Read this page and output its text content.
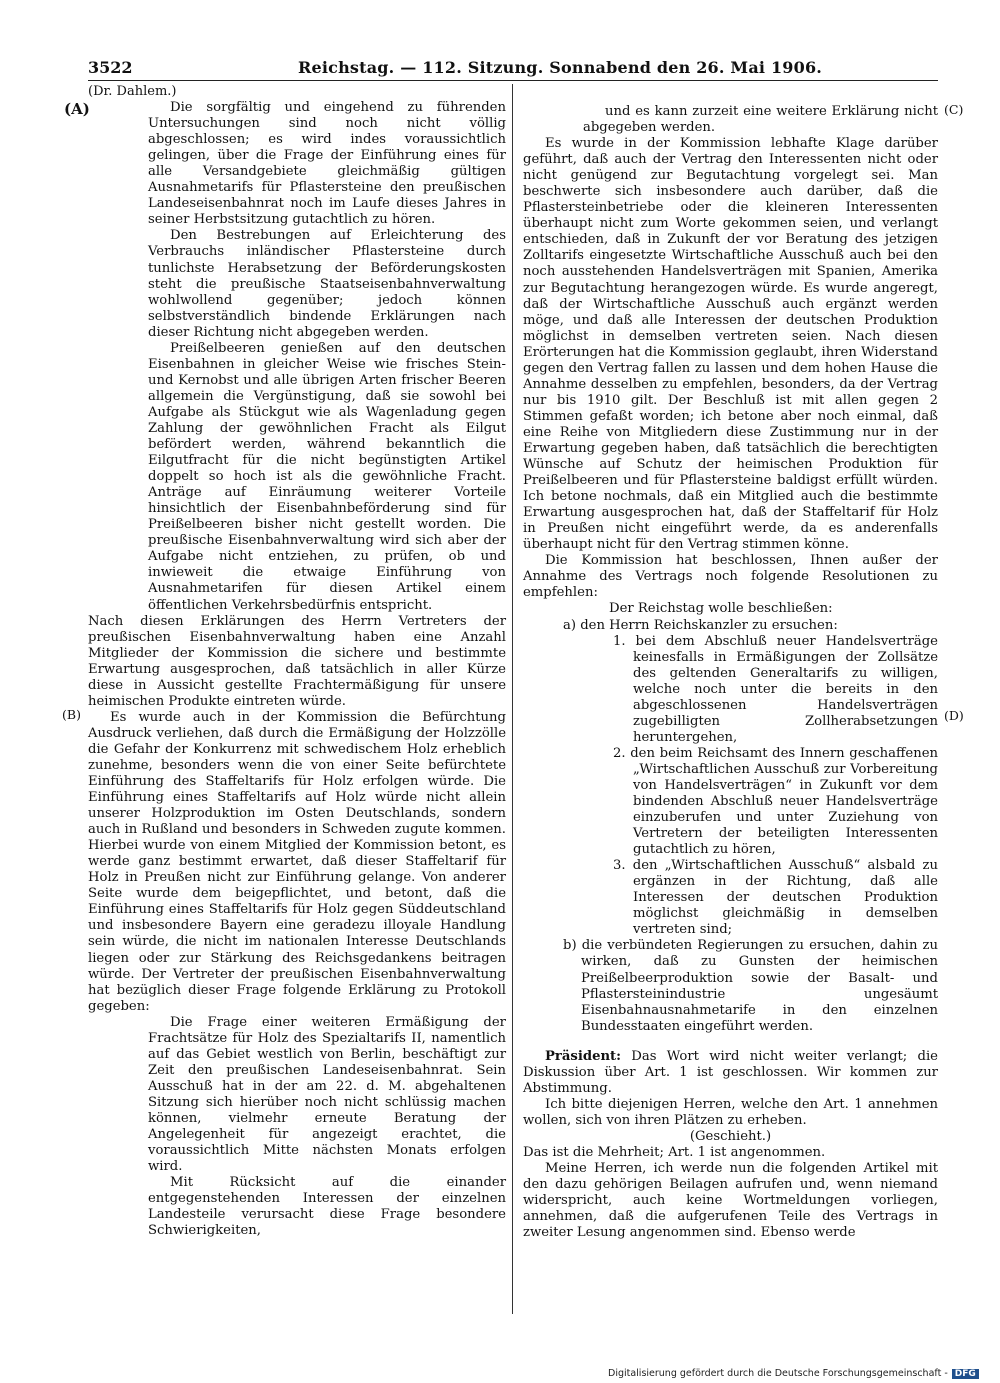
3522	Reichstag. — 112. Sitzung. Sonnabend den 26. Mai 1906.
(A)
(B)
(C)
(D)

(Dr. Dahlem.)

Die sorgfältig und eingehend zu führenden Untersuchungen sind noch nicht völlig abgeschlossen; es wird indes voraussichtlich gelingen, über die Frage der Einführung eines für alle Versandgebiete gleichmäßig gültigen Ausnahmetarifs für Pflastersteine den preußischen Landeseisenbahnrat noch im Laufe dieses Jahres in seiner Herbstsitzung gutachtlich zu hören.

Den Bestrebungen auf Erleichterung des Verbrauchs inländischer Pflastersteine durch tunlichste Herabsetzung der Beförderungskosten steht die preußische Staatseisenbahnverwaltung wohlwollend gegenüber; jedoch können selbstverständlich bindende Erklärungen nach dieser Richtung nicht abgegeben werden.

Preißelbeeren genießen auf den deutschen Eisenbahnen in gleicher Weise wie frisches Stein- und Kernobst und alle übrigen Arten frischer Beeren allgemein die Vergünstigung, daß sie sowohl bei Aufgabe als Stückgut wie als Wagenladung gegen Zahlung der gewöhnlichen Fracht als Eilgut befördert werden, während bekanntlich die Eilgutfracht für die nicht begünstigten Artikel doppelt so hoch ist als die gewöhnliche Fracht. Anträge auf Einräumung weiterer Vorteile hinsichtlich der Eisenbahnbeförderung sind für Preißelbeeren bisher nicht gestellt worden. Die preußische Eisenbahnverwaltung wird sich aber der Aufgabe nicht entziehen, zu prüfen, ob und inwieweit die etwaige Einführung von Ausnahmetarifen für diesen Artikel einem öffentlichen Verkehrsbedürfnis entspricht.

Nach diesen Erklärungen des Herrn Vertreters der preußischen Eisenbahnverwaltung haben eine Anzahl Mitglieder der Kommission die sichere und bestimmte Erwartung ausgesprochen, daß tatsächlich in aller Kürze diese in Aussicht gestellte Frachtermäßigung für unsere heimischen Produkte eintreten würde.

Es wurde auch in der Kommission die Befürchtung Ausdruck verliehen, daß durch die Ermäßigung der Holzzölle die Gefahr der Konkurrenz mit schwedischem Holz erheblich zunehme, besonders wenn die von einer Seite befürchtete Einführung des Staffeltarifs für Holz erfolgen würde. Die Einführung eines Staffeltarifs auf Holz würde nicht allein unserer Holzproduktion im Osten Deutschlands, sondern auch in Rußland und besonders in Schweden zugute kommen. Hierbei wurde von einem Mitglied der Kommission betont, es werde ganz bestimmt erwartet, daß dieser Staffeltarif für Holz in Preußen nicht zur Einführung gelange. Von anderer Seite wurde dem beigepflichtet, und betont, daß die Einführung eines Staffeltarifs für Holz gegen Süddeutschland und insbesondere Bayern eine geradezu illoyale Handlung sein würde, die nicht im nationalen Interesse Deutschlands liegen oder zur Stärkung des Reichsgedankens beitragen würde. Der Vertreter der preußischen Eisenbahnverwaltung hat bezüglich dieser Frage folgende Erklärung zu Protokoll gegeben:

Die Frage einer weiteren Ermäßigung der Frachtsätze für Holz des Spezialtarifs II, namentlich auf das Gebiet westlich von Berlin, beschäftigt zur Zeit den preußischen Landeseisenbahnrat. Sein Ausschuß hat in der am 22. d. M. abgehaltenen Sitzung sich hierüber noch nicht schlüssig machen können, vielmehr erneute Beratung der Angelegenheit für angezeigt erachtet, die voraussichtlich Mitte nächsten Monats erfolgen wird.

Mit Rücksicht auf die einander entgegenstehenden Interessen der einzelnen Landesteile verursacht diese Frage besondere Schwierigkeiten,

und es kann zurzeit eine weitere Erklärung nicht abgegeben werden.

Es wurde in der Kommission lebhafte Klage darüber geführt, daß auch der Vertrag den Interessenten nicht oder nicht genügend zur Begutachtung vorgelegt sei. Man beschwerte sich insbesondere auch darüber, daß die Pflastersteinbetriebe oder die kleineren Interessenten überhaupt nicht zum Worte gekommen seien, und verlangt entschieden, daß in Zukunft der vor Beratung des jetzigen Zolltarifs eingesetzte Wirtschaftliche Ausschuß auch bei den noch ausstehenden Handelsverträgen mit Spanien, Amerika zur Begutachtung herangezogen würde. Es wurde angeregt, daß der Wirtschaftliche Ausschuß auch ergänzt werden möge, und daß alle Interessen der deutschen Produktion möglichst in demselben vertreten seien. Nach diesen Erörterungen hat die Kommission geglaubt, ihren Widerstand gegen den Vertrag fallen zu lassen und dem hohen Hause die Annahme desselben zu empfehlen, besonders, da der Vertrag nur bis 1910 gilt. Der Beschluß ist mit allen gegen 2 Stimmen gefaßt worden; ich betone aber noch einmal, daß eine Reihe von Mitgliedern diese Zustimmung nur in der Erwartung gegeben haben, daß tatsächlich die berechtigten Wünsche auf Schutz der heimischen Produktion für Preißelbeeren und für Pflastersteine baldigst erfüllt würden. Ich betone nochmals, daß ein Mitglied auch die bestimmte Erwartung ausgesprochen hat, daß der Staffeltarif für Holz in Preußen nicht eingeführt werde, da es anderenfalls überhaupt nicht für den Vertrag stimmen könne.

Die Kommission hat beschlossen, Ihnen außer der Annahme des Vertrags noch folgende Resolutionen zu empfehlen:

Der Reichstag wolle beschließen:

a) den Herrn Reichskanzler zu ersuchen:

1. bei dem Abschluß neuer Handelsverträge keinesfalls in Ermäßigungen der Zollsätze des geltenden Generaltarifs zu willigen, welche noch unter die bereits in den abgeschlossenen Handelsverträgen zugebilligten Zollherabsetzungen heruntergehen,

2. den beim Reichsamt des Innern geschaffenen „Wirtschaftlichen Ausschuß zur Vorbereitung von Handelsverträgen“ in Zukunft vor dem bindenden Abschluß neuer Handelsverträge einzuberufen und unter Zuziehung von Vertretern der beteiligten Interessenten gutachtlich zu hören,

3. den „Wirtschaftlichen Ausschuß“ alsbald zu ergänzen in der Richtung, daß alle Interessen der deutschen Produktion möglichst gleichmäßig in demselben vertreten sind;

b) die verbündeten Regierungen zu ersuchen, dahin zu wirken, daß zu Gunsten der heimischen Preißelbeerproduktion sowie der Basalt- und Pflastersteinindustrie ungesäumt Eisenbahnausnahmetarife in den einzelnen Bundesstaaten eingeführt werden.

Präsident: Das Wort wird nicht weiter verlangt; die Diskussion über Art. 1 ist geschlossen. Wir kommen zur Abstimmung.

Ich bitte diejenigen Herren, welche den Art. 1 annehmen wollen, sich von ihren Plätzen zu erheben.

(Geschieht.)

Das ist die Mehrheit; Art. 1 ist angenommen.

Meine Herren, ich werde nun die folgenden Artikel mit den dazu gehörigen Beilagen aufrufen und, wenn niemand widerspricht, auch keine Wortmeldungen vorliegen, annehmen, daß die aufgerufenen Teile des Vertrags in zweiter Lesung angenommen sind. Ebenso werde

Digitalisierung gefördert durch die Deutsche Forschungsgemeinschaft - DFG
